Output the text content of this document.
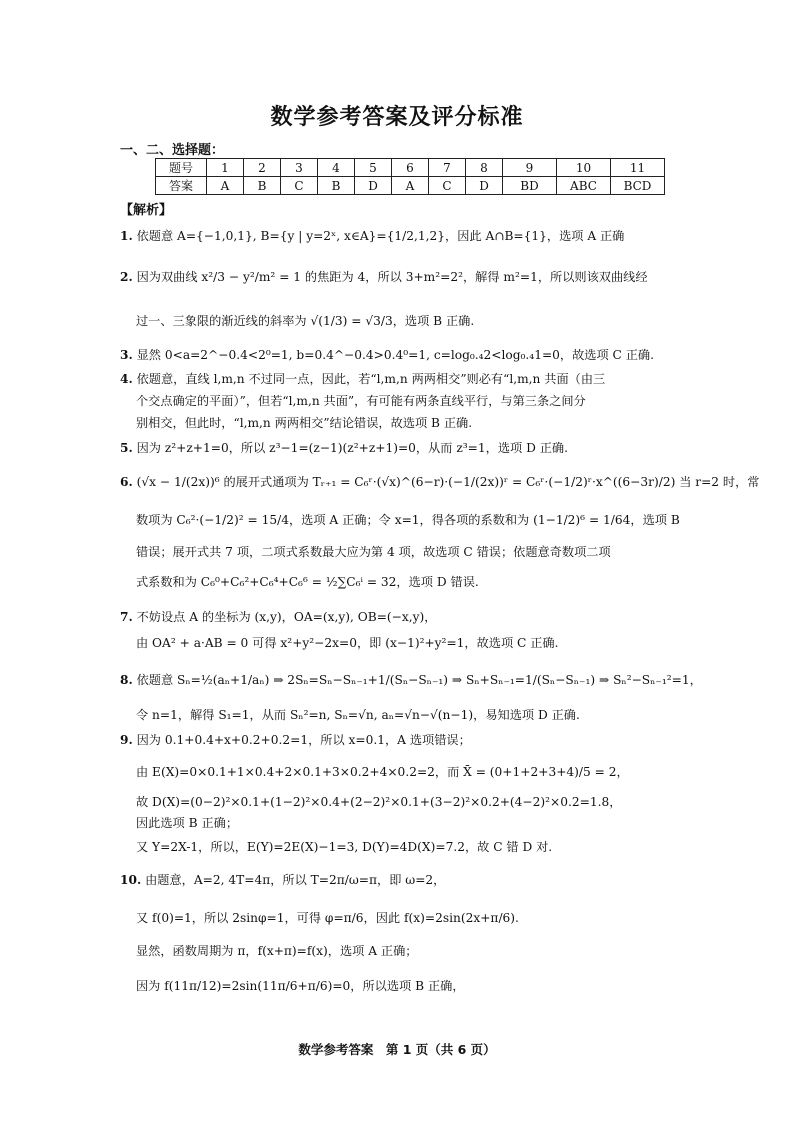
数学参考答案及评分标准
一、二、选择题：
题号	1	2	3	4	5	6	7	8	9	10	11
答案	A	B	C	B	D	A	C	D	BD	ABC	BCD
【解析】
1. 依题意 A={−1,0,1}, B={y | y=2ˣ, x∈A}={1/2,1,2}，因此 A∩B={1}，选项 A 正确
2. 因为双曲线 x²/3 − y²/m² = 1 的焦距为 4，所以 3+m²=2²，解得 m²=1，所以则该双曲线经
过一、三象限的渐近线的斜率为 √(1/3) = √3/3，选项 B 正确.
3. 显然 0<a=2^−0.4<2⁰=1, b=0.4^−0.4>0.4⁰=1, c=log₀.₄2<log₀.₄1=0，故选项 C 正确.
4. 依题意，直线 l,m,n 不过同一点，因此，若“l,m,n 两两相交”则必有“l,m,n 共面（由三
个交点确定的平面）”，但若“l,m,n 共面”，有可能有两条直线平行，与第三条之间分
别相交，但此时，“l,m,n 两两相交”结论错误，故选项 B 正确.
5. 因为 z²+z+1=0，所以 z³−1=(z−1)(z²+z+1)=0，从而 z³=1，选项 D 正确.
6. (√x − 1/(2x))⁶ 的展开式通项为 Tᵣ₊₁ = C₆ʳ·(√x)^(6−r)·(−1/(2x))ʳ = C₆ʳ·(−1/2)ʳ·x^((6−3r)/2) 当 r=2 时，常
数项为 C₆²·(−1/2)² = 15/4，选项 A 正确；令 x=1，得各项的系数和为 (1−1/2)⁶ = 1/64，选项 B
错误；展开式共 7 项，二项式系数最大应为第 4 项，故选项 C 错误；依题意奇数项二项
式系数和为 C₆⁰+C₆²+C₆⁴+C₆⁶ = ½∑C₆ⁱ = 32，选项 D 错误.
7. 不妨设点 A 的坐标为 (x,y)，OA=(x,y), OB=(−x,y)，
由 OA² + a·AB = 0 可得 x²+y²−2x=0，即 (x−1)²+y²=1，故选项 C 正确.
8. 依题意 Sₙ=½(aₙ+1/aₙ) ⇒ 2Sₙ=Sₙ−Sₙ₋₁+1/(Sₙ−Sₙ₋₁) ⇒ Sₙ+Sₙ₋₁=1/(Sₙ−Sₙ₋₁) ⇒ Sₙ²−Sₙ₋₁²=1，
令 n=1，解得 S₁=1，从而 Sₙ²=n, Sₙ=√n, aₙ=√n−√(n−1)，易知选项 D 正确.
9. 因为 0.1+0.4+x+0.2+0.2=1，所以 x=0.1，A 选项错误；
由 E(X)=0×0.1+1×0.4+2×0.1+3×0.2+4×0.2=2，而 X̄ = (0+1+2+3+4)/5 = 2，
故 D(X)=(0−2)²×0.1+(1−2)²×0.4+(2−2)²×0.1+(3−2)²×0.2+(4−2)²×0.2=1.8，
因此选项 B 正确；
又 Y=2X-1，所以，E(Y)=2E(X)−1=3, D(Y)=4D(X)=7.2，故 C 错 D 对.
10. 由题意，A=2, 4T=4π，所以 T=2π/ω=π，即 ω=2，
又 f(0)=1，所以 2sinφ=1，可得 φ=π/6，因此 f(x)=2sin(2x+π/6).
显然，函数周期为 π，f(x+π)=f(x)，选项 A 正确；
因为 f(11π/12)=2sin(11π/6+π/6)=0，所以选项 B 正确，
数学参考答案　第 1 页（共 6 页）
